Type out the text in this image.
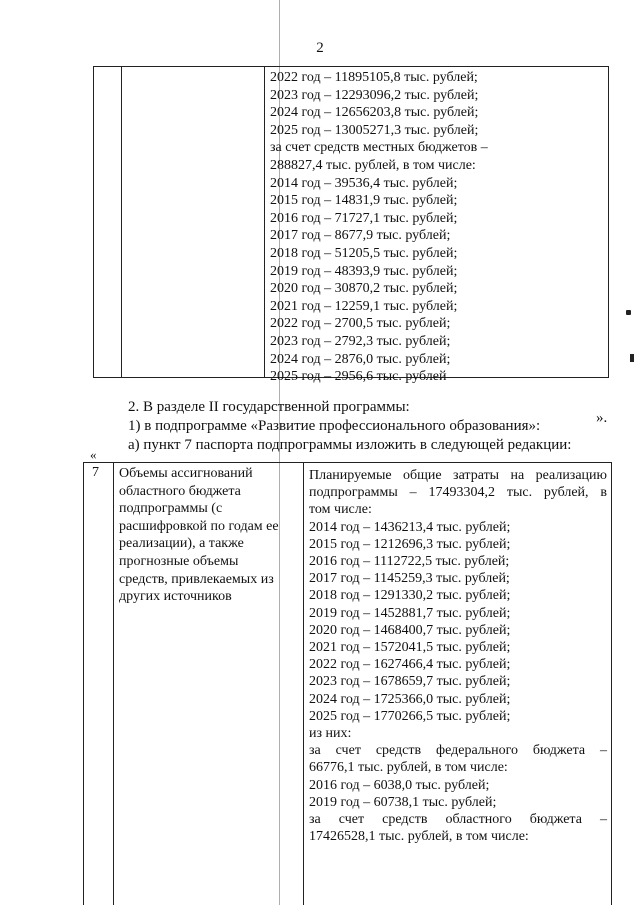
2
2022 год – 11895105,8 тыс. рублей;
2023 год – 12293096,2 тыс. рублей;
2024 год – 12656203,8 тыс. рублей;
2025 год – 13005271,3 тыс. рублей;
за счет средств местных бюджетов –
288827,4 тыс. рублей, в том числе:
2014 год – 39536,4 тыс. рублей;
2015 год – 14831,9 тыс. рублей;
2016 год – 71727,1 тыс. рублей;
2017 год – 8677,9 тыс. рублей;
2018 год – 51205,5 тыс. рублей;
2019 год – 48393,9 тыс. рублей;
2020 год – 30870,2 тыс. рублей;
2021 год – 12259,1 тыс. рублей;
2022 год – 2700,5 тыс. рублей;
2023 год – 2792,3 тыс. рублей;
2024 год – 2876,0 тыс. рублей;
2025 год – 2956,6 тыс. рублей
».
2. В разделе II государственной программы:
1) в подпрограмме «Развитие профессионального образования»:
а) пункт 7 паспорта подпрограммы изложить в следующей редакции:
«
7 Объемы ассигнований
областного бюджета
подпрограммы (с
расшифровкой по годам ее
реализации), а также
прогнозные объемы
средств, привлекаемых из
других источников
Планируемые общие затраты на реализацию
подпрограммы – 17493304,2 тыс. рублей, в
том числе:
2014 год – 1436213,4 тыс. рублей;
2015 год – 1212696,3 тыс. рублей;
2016 год – 1112722,5 тыс. рублей;
2017 год – 1145259,3 тыс. рублей;
2018 год – 1291330,2 тыс. рублей;
2019 год – 1452881,7 тыс. рублей;
2020 год – 1468400,7 тыс. рублей;
2021 год – 1572041,5 тыс. рублей;
2022 год – 1627466,4 тыс. рублей;
2023 год – 1678659,7 тыс. рублей;
2024 год – 1725366,0 тыс. рублей;
2025 год – 1770266,5 тыс. рублей;
из них:
за счет средств федерального бюджета –
66776,1 тыс. рублей, в том числе:
2016 год – 6038,0 тыс. рублей;
2019 год – 60738,1 тыс. рублей;
за счет средств областного бюджета –
17426528,1 тыс. рублей, в том числе:
